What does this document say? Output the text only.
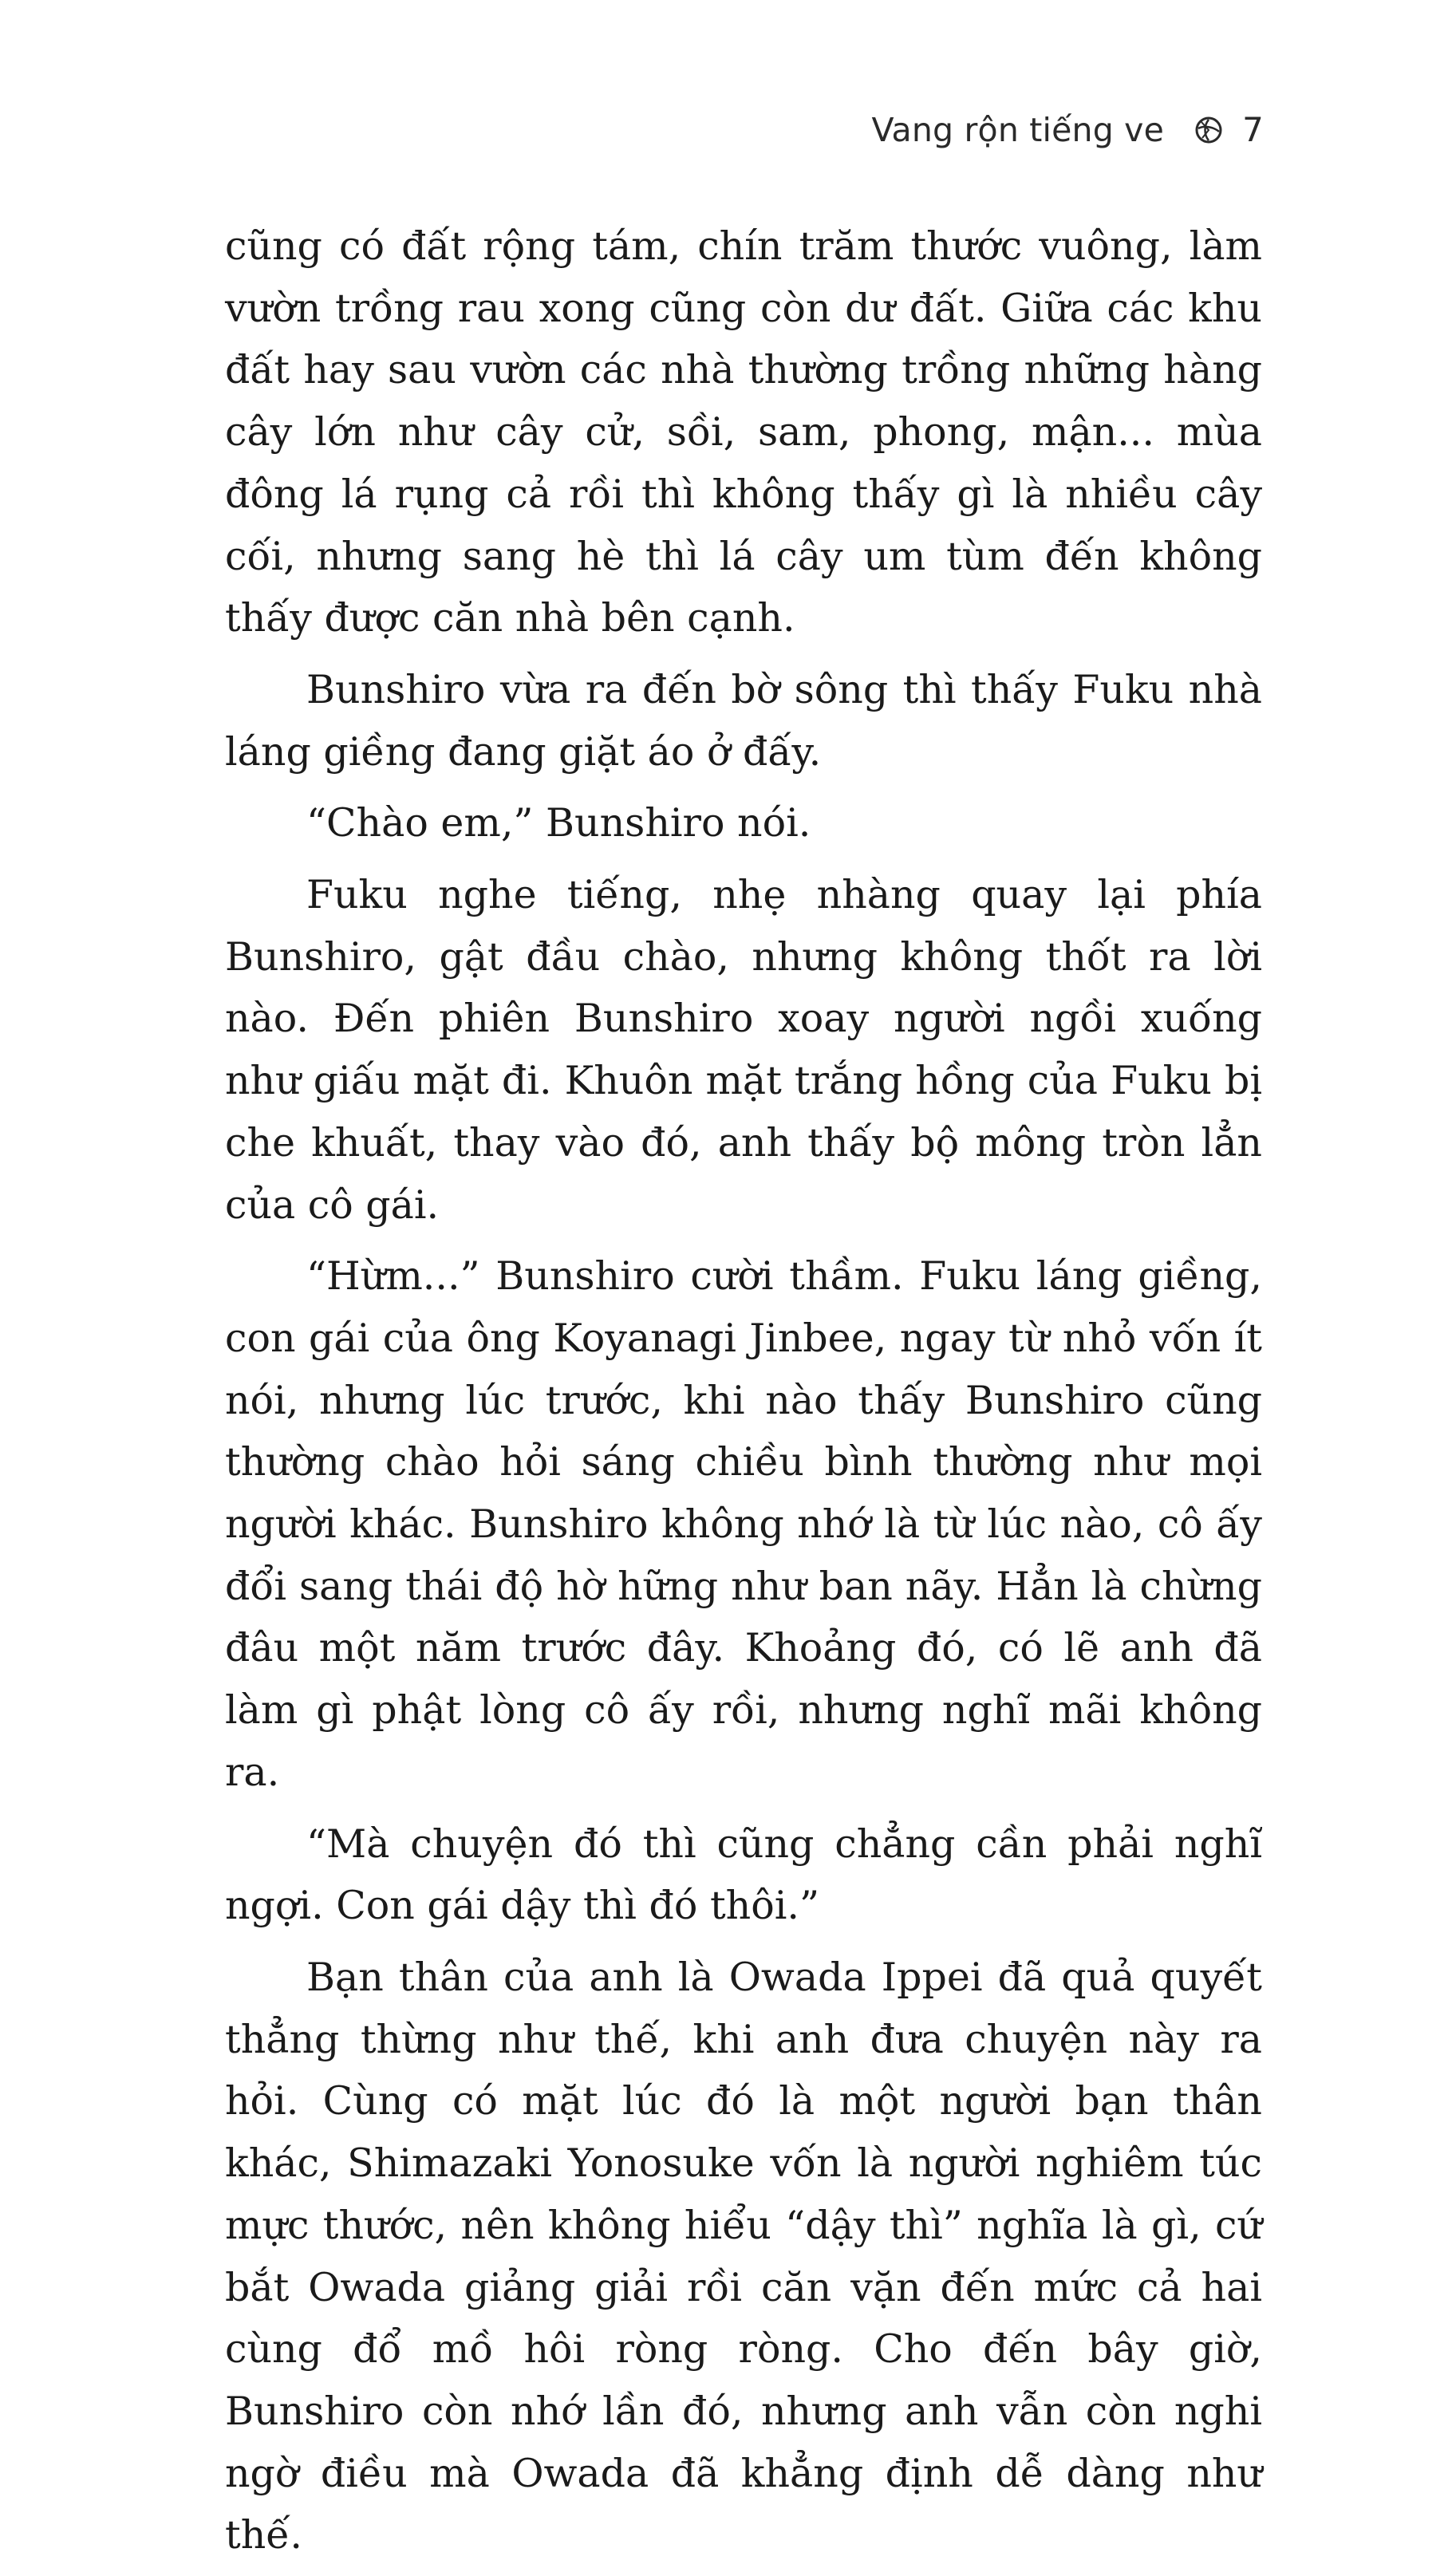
Vang rộn tiếng ve 7

cũng có đất rộng tám, chín trăm thước vuông, làm vườn trồng rau xong cũng còn dư đất. Giữa các khu đất hay sau vườn các nhà thường trồng những hàng cây lớn như cây cử, sồi, sam, phong, mận... mùa đông lá rụng cả rồi thì không thấy gì là nhiều cây cối, nhưng sang hè thì lá cây um tùm đến không thấy được căn nhà bên cạnh.

Bunshiro vừa ra đến bờ sông thì thấy Fuku nhà láng giềng đang giặt áo ở đấy.

“Chào em,” Bunshiro nói.

Fuku nghe tiếng, nhẹ nhàng quay lại phía Bunshiro, gật đầu chào, nhưng không thốt ra lời nào. Đến phiên Bunshiro xoay người ngồi xuống như giấu mặt đi. Khuôn mặt trắng hồng của Fuku bị che khuất, thay vào đó, anh thấy bộ mông tròn lẳn của cô gái.

“Hừm...” Bunshiro cười thầm. Fuku láng giềng, con gái của ông Koyanagi Jinbee, ngay từ nhỏ vốn ít nói, nhưng lúc trước, khi nào thấy Bunshiro cũng thường chào hỏi sáng chiều bình thường như mọi người khác. Bunshiro không nhớ là từ lúc nào, cô ấy đổi sang thái độ hờ hững như ban nãy. Hẳn là chừng đâu một năm trước đây. Khoảng đó, có lẽ anh đã làm gì phật lòng cô ấy rồi, nhưng nghĩ mãi không ra.

“Mà chuyện đó thì cũng chẳng cần phải nghĩ ngợi. Con gái dậy thì đó thôi.”

Bạn thân của anh là Owada Ippei đã quả quyết thẳng thừng như thế, khi anh đưa chuyện này ra hỏi. Cùng có mặt lúc đó là một người bạn thân khác, Shimazaki Yonosuke vốn là người nghiêm túc mực thước, nên không hiểu “dậy thì” nghĩa là gì, cứ bắt Owada giảng giải rồi căn vặn đến mức cả hai cùng đổ mồ hôi ròng ròng. Cho đến bây giờ, Bunshiro còn nhớ lần đó, nhưng anh vẫn còn nghi ngờ điều mà Owada đã khẳng định dễ dàng như thế.
